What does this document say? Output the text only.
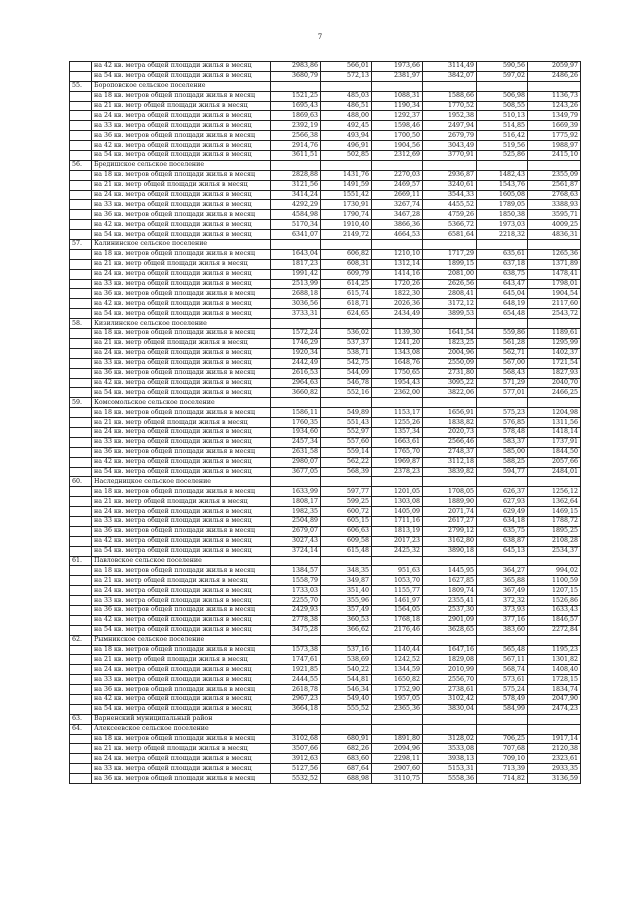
7
	на 42 кв. метра общей площади жилья в месяц	2983,86	566,01	1973,66	3114,49	590,56	2059,97
	на 54 кв. метра общей площади жилья в месяц	3680,79	572,13	2381,97	3842,07	597,02	2486,26
55.	Бороповское сельское поселение						
	на 18 кв. метров общей площади жилья в месяц	1521,25	485,03	1088,31	1588,66	506,98	1136,73
	на 21 кв. метр общей площади жилья в месяц	1695,43	486,51	1190,34	1770,52	508,55	1243,26
	на 24 кв. метра общей площади жилья в месяц	1869,63	488,00	1292,37	1952,38	510,13	1349,79
	на 33 кв. метра общей площади жилья в месяц	2392,19	492,45	1598,46	2497,94	514,85	1669,39
	на 36 кв. метров общей площади жилья в месяц	2566,38	493,94	1700,50	2679,79	516,42	1775,92
	на 42 кв. метра общей площади жилья в месяц	2914,76	496,91	1904,56	3043,49	519,56	1988,97
	на 54 кв. метра общей площади жилья в месяц	3611,51	502,85	2312,69	3770,91	525,86	2415,10
56.	Бредишское сельское поселение						
	на 18 кв. метров общей площади жилья в месяц	2828,88	1431,76	2270,03	2936,87	1482,43	2355,09
	на 21 кв. метр общей площади жилья в месяц	3121,56	1491,59	2469,57	3240,61	1543,76	2561,87
	на 24 кв. метра общей площади жилья в месяц	3414,24	1551,42	2669,11	3544,33	1605,08	2768,63
	на 33 кв. метра общей площади жилья в месяц	4292,29	1730,91	3267,74	4455,52	1789,05	3388,93
	на 36 кв. метров общей площади жилья в месяц	4584,98	1790,74	3467,28	4759,26	1850,38	3595,71
	на 42 кв. метра общей площади жилья в месяц	5170,34	1910,40	3866,36	5366,72	1973,03	4009,25
	на 54 кв. метра общей площади жилья в месяц	6341,07	2149,72	4664,53	6581,64	2218,32	4836,31
57.	Калининское сельское поселение						
	на 18 кв. метров общей площади жилья в месяц	1643,04	606,82	1210,10	1717,29	635,61	1265,36
	на 21 кв. метр общей площади жилья в месяц	1817,23	608,31	1312,14	1899,15	637,18	1371,89
	на 24 кв. метра общей площади жилья в месяц	1991,42	609,79	1414,16	2081,00	638,75	1478,41
	на 33 кв. метра общей площади жилья в месяц	2513,99	614,25	1720,26	2626,56	643,47	1798,01
	на 36 кв. метров общей площади жилья в месяц	2688,18	615,74	1822,30	2808,41	645,04	1904,54
	на 42 кв. метра общей площади жилья в месяц	3036,56	618,71	2026,36	3172,12	648,19	2117,60
	на 54 кв. метра общей площади жилья в месяц	3733,31	624,65	2434,49	3899,53	654,48	2543,72
58.	Кизилинское сельское поселение						
	на 18 кв. метров общей площади жилья в месяц	1572,24	536,02	1139,30	1641,54	559,86	1189,61
	на 21 кв. метр общей площади жилья в месяц	1746,29	537,37	1241,20	1823,25	561,28	1295,99
	на 24 кв. метра общей площади жилья в месяц	1920,34	538,71	1343,08	2004,96	562,71	1402,37
	на 33 кв. метра общей площади жилья в месяц	2442,49	542,75	1648,76	2550,09	567,00	1721,54
	на 36 кв. метров общей площади жилья в месяц	2616,53	544,09	1750,65	2731,80	568,43	1827,93
	на 42 кв. метра общей площади жилья в месяц	2964,63	546,78	1954,43	3095,22	571,29	2040,70
	на 54 кв. метра общей площади жилья в месяц	3660,82	552,16	2362,00	3822,06	577,01	2466,25
59.	Комсомольское сельское поселение						
	на 18 кв. метров общей площади жилья в месяц	1586,11	549,89	1153,17	1656,91	575,23	1204,98
	на 21 кв. метр общей площади жилья в месяц	1760,35	551,43	1255,26	1838,82	576,85	1311,56
	на 24 кв. метра общей площади жилья в месяц	1934,60	552,97	1357,34	2020,73	578,48	1418,14
	на 33 кв. метра общей площади жилья в месяц	2457,34	557,60	1663,61	2566,46	583,37	1737,91
	на 36 кв. метров общей площади жилья в месяц	2631,58	559,14	1765,70	2748,37	585,00	1844,50
	на 42 кв. метра общей площади жилья в месяц	2980,07	562,22	1969,87	3112,18	588,25	2057,66
	на 54 кв. метра общей площади жилья в месяц	3677,05	568,39	2378,23	3839,82	594,77	2484,01
60.	Наследницкое сельское поселение						
	на 18 кв. метров общей площади жилья в месяц	1633,99	597,77	1201,05	1708,05	626,37	1256,12
	на 21 кв. метр общей площади жилья в месяц	1808,17	599,25	1303,08	1889,90	627,93	1362,64
	на 24 кв. метра общей площади жилья в месяц	1982,35	600,72	1405,09	2071,74	629,49	1469,15
	на 33 кв. метра общей площади жилья в месяц	2504,89	605,15	1711,16	2617,27	634,18	1788,72
	на 36 кв. метров общей площади жилья в месяц	2679,07	606,63	1813,19	2799,12	635,75	1895,25
	на 42 кв. метра общей площади жилья в месяц	3027,43	609,58	2017,23	3162,80	638,87	2108,28
	на 54 кв. метра общей площади жилья в месяц	3724,14	615,48	2425,32	3890,18	645,13	2534,37
61.	Павловское сельское поселение						
	на 18 кв. метров общей площади жилья в месяц	1384,57	348,35	951,63	1445,95	364,27	994,02
	на 21 кв. метр общей площади жилья в месяц	1558,79	349,87	1053,70	1627,85	365,88	1100,59
	на 24 кв. метра общей площади жилья в месяц	1733,03	351,40	1155,77	1809,74	367,49	1207,15
	на 33 кв. метра общей площади жилья в месяц	2255,70	355,96	1461,97	2355,41	372,32	1526,86
	на 36 кв. метров общей площади жилья в месяц	2429,93	357,49	1564,05	2537,30	373,93	1633,43
	на 42 кв. метра общей площади жилья в месяц	2778,38	360,53	1768,18	2901,09	377,16	1846,57
	на 54 кв. метра общей площади жилья в месяц	3475,28	366,62	2176,46	3628,65	383,60	2272,84
62.	Рымникское сельское поселение						
	на 18 кв. метров общей площади жилья в месяц	1573,38	537,16	1140,44	1647,16	565,48	1195,23
	на 21 кв. метр общей площади жилья в месяц	1747,61	538,69	1242,52	1829,08	567,11	1301,82
	на 24 кв. метра общей площади жилья в месяц	1921,85	540,22	1344,59	2010,99	568,74	1408,40
	на 33 кв. метра общей площади жилья в месяц	2444,55	544,81	1650,82	2556,70	573,61	1728,15
	на 36 кв. метров общей площади жилья в месяц	2618,78	546,34	1752,90	2738,61	575,24	1834,74
	на 42 кв. метра общей площади жилья в месяц	2967,23	549,40	1957,05	3102,42	578,49	2047,90
	на 54 кв. метра общей площади жилья в месяц	3664,18	555,52	2365,36	3830,04	584,99	2474,23
63.	Варненский муниципальный район						
64.	Алексеевское сельское поселение						
	на 18 кв. метров общей площади жилья в месяц	3102,68	680,91	1891,80	3128,02	706,25	1917,14
	на 21 кв. метр общей площади жилья в месяц	3507,66	682,26	2094,96	3533,08	707,68	2120,38
	на 24 кв. метра общей площади жилья в месяц	3912,63	683,60	2298,11	3938,13	709,10	2323,61
	на 33 кв. метра общей площади жилья в месяц	5127,56	687,64	2907,60	5153,31	713,39	2933,35
	на 36 кв. метров общей площади жилья в месяц	5532,52	688,98	3110,75	5558,36	714,82	3136,59
